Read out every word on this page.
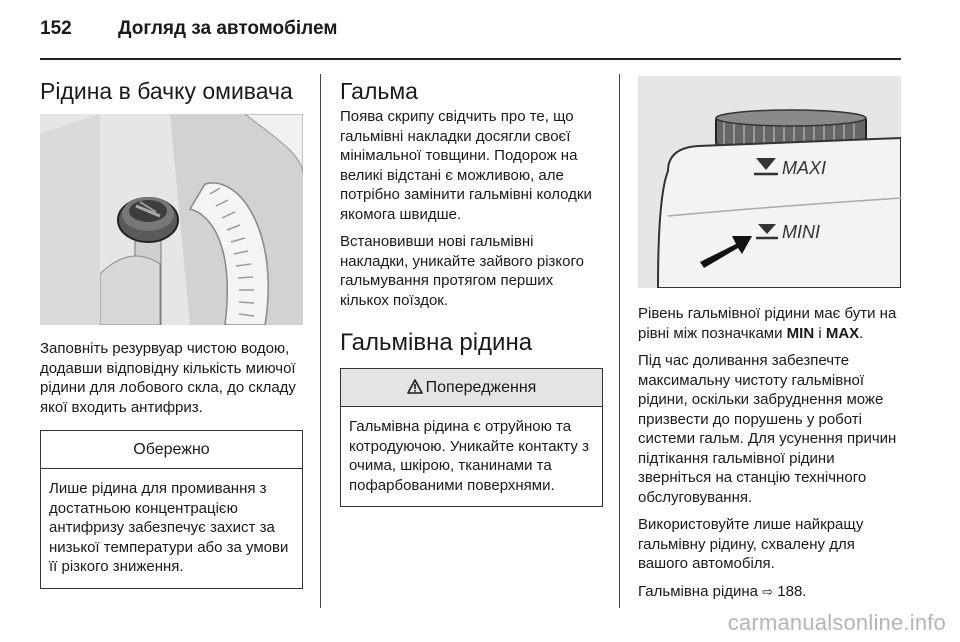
152 Догляд за автомобілем
Рідина в бачку омивача

Заповніть резурвуар чистою водою, додавши відповідну кількість миючої рідини для лобового скла, до складу якої входить антифриз.

Обережно
Лише рідина для промивання з достатньою концентрацією антифризу забезпечує захист за низької температури або за умови її різкого зниження.
Гальма

Поява скрипу свідчить про те, що гальмівні накладки досягли своєї мінімальної товщини. Подорож на великі відстані є можливою, але потрібно замінити гальмівні колодки якомога швидше.

Встановивши нові гальмівні накладки, уникайте зайвого різкого гальмування протягом перших кількох поїздок.

Гальмівна рідина
Попередження
Гальмівна рідина є отруйною та котродуючою. Уникайте контакту з очима, шкірою, тканинами та пофарбованими поверхнями.
MAXI
MINI

Рівень гальмівної рідини має бути на рівні між позначками MIN і MAX.

Під час доливання забезпечте максимальну чистоту гальмівної рідини, оскільки забруднення може призвести до порушень у роботі системи гальм. Для усунення причин підтікання гальмівної рідини зверніться на станцію технічного обслуговування.

Використовуйте лише найкращу гальмівну рідину, схвалену для вашого автомобіля.

Гальмівна рідина ⇨ 188.

carmanualsonline.info
